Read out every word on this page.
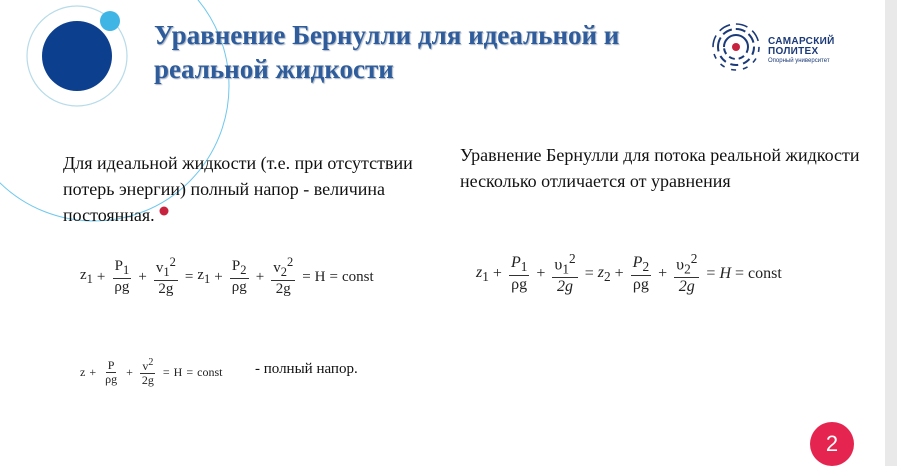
Уравнение Бернулли для идеальной и реальной жидкости
САМАРСКИЙ
ПОЛИТЕХ
Опорный университет
Для идеальной жидкости (т.е. при отсутствии потерь энергии) полный напор - величина постоянная.
Уравнение Бернулли для потока реальной жидкости несколько отличается от уравнения
$z_1 + \frac{P_1}{\rho g} + \frac{v_1^2}{2g} = z_1 + \frac{P_2}{\rho g} + \frac{v_2^2}{2g} = H$ = const	$z_1 + \frac{P_1}{\rho g} + \frac{\upsilon_1^2}{2g} = z_2 + \frac{P_2}{\rho g} + \frac{\upsilon_2^2}{2g} = H$ = const
$z + \frac{P}{\rho g} + \frac{v^2}{2g} = H$ = const - полный напор.
2
